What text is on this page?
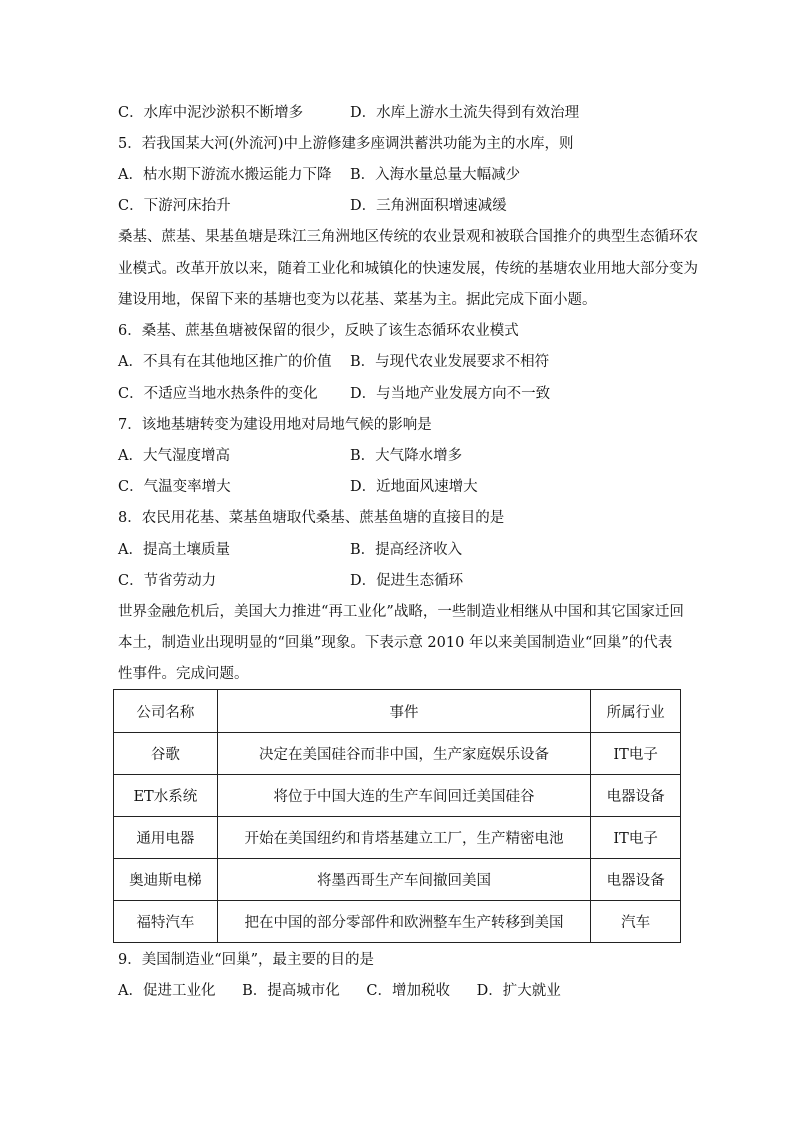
C．水库中泥沙淤积不断增多	D．水库上游水土流失得到有效治理
5．若我国某大河(外流河)中上游修建多座调洪蓄洪功能为主的水库，则
A．枯水期下游流水搬运能力下降 B．入海水量总量大幅减少
C．下游河床抬升	D．三角洲面积增速减缓
桑基、蔗基、果基鱼塘是珠江三角洲地区传统的农业景观和被联合国推介的典型生态循环农
业模式。改革开放以来，随着工业化和城镇化的快速发展，传统的基塘农业用地大部分变为
建设用地，保留下来的基塘也变为以花基、菜基为主。据此完成下面小题。
6．桑基、蔗基鱼塘被保留的很少，反映了该生态循环农业模式
A．不具有在其他地区推广的价值 B．与现代农业发展要求不相符
C．不适应当地水热条件的变化 D．与当地产业发展方向不一致
7．该地基塘转变为建设用地对局地气候的影响是
A．大气湿度增高	B．大气降水增多
C．气温变率增大	D．近地面风速增大
8．农民用花基、菜基鱼塘取代桑基、蔗基鱼塘的直接目的是
A．提高土壤质量	B．提高经济收入
C．节省劳动力	D．促进生态循环
世界金融危机后，美国大力推进“再工业化”战略，一些制造业相继从中国和其它国家迁回
本土，制造业出现明显的“回巢”现象。下表示意 2010 年以来美国制造业“回巢”的代表
性事件。完成问题。
公司名称	事件	所属行业
谷歌	决定在美国硅谷而非中国，生产家庭娱乐设备	IT电子
ET水系统	将位于中国大连的生产车间回迁美国硅谷	电器设备
通用电器	开始在美国纽约和肯塔基建立工厂，生产精密电池	IT电子
奥迪斯电梯	将墨西哥生产车间撤回美国	电器设备
福特汽车	把在中国的部分零部件和欧洲整车生产转移到美国	汽车
9．美国制造业“回巢”，最主要的目的是
A．促进工业化 B．提高城市化 C．增加税收 D．扩大就业
